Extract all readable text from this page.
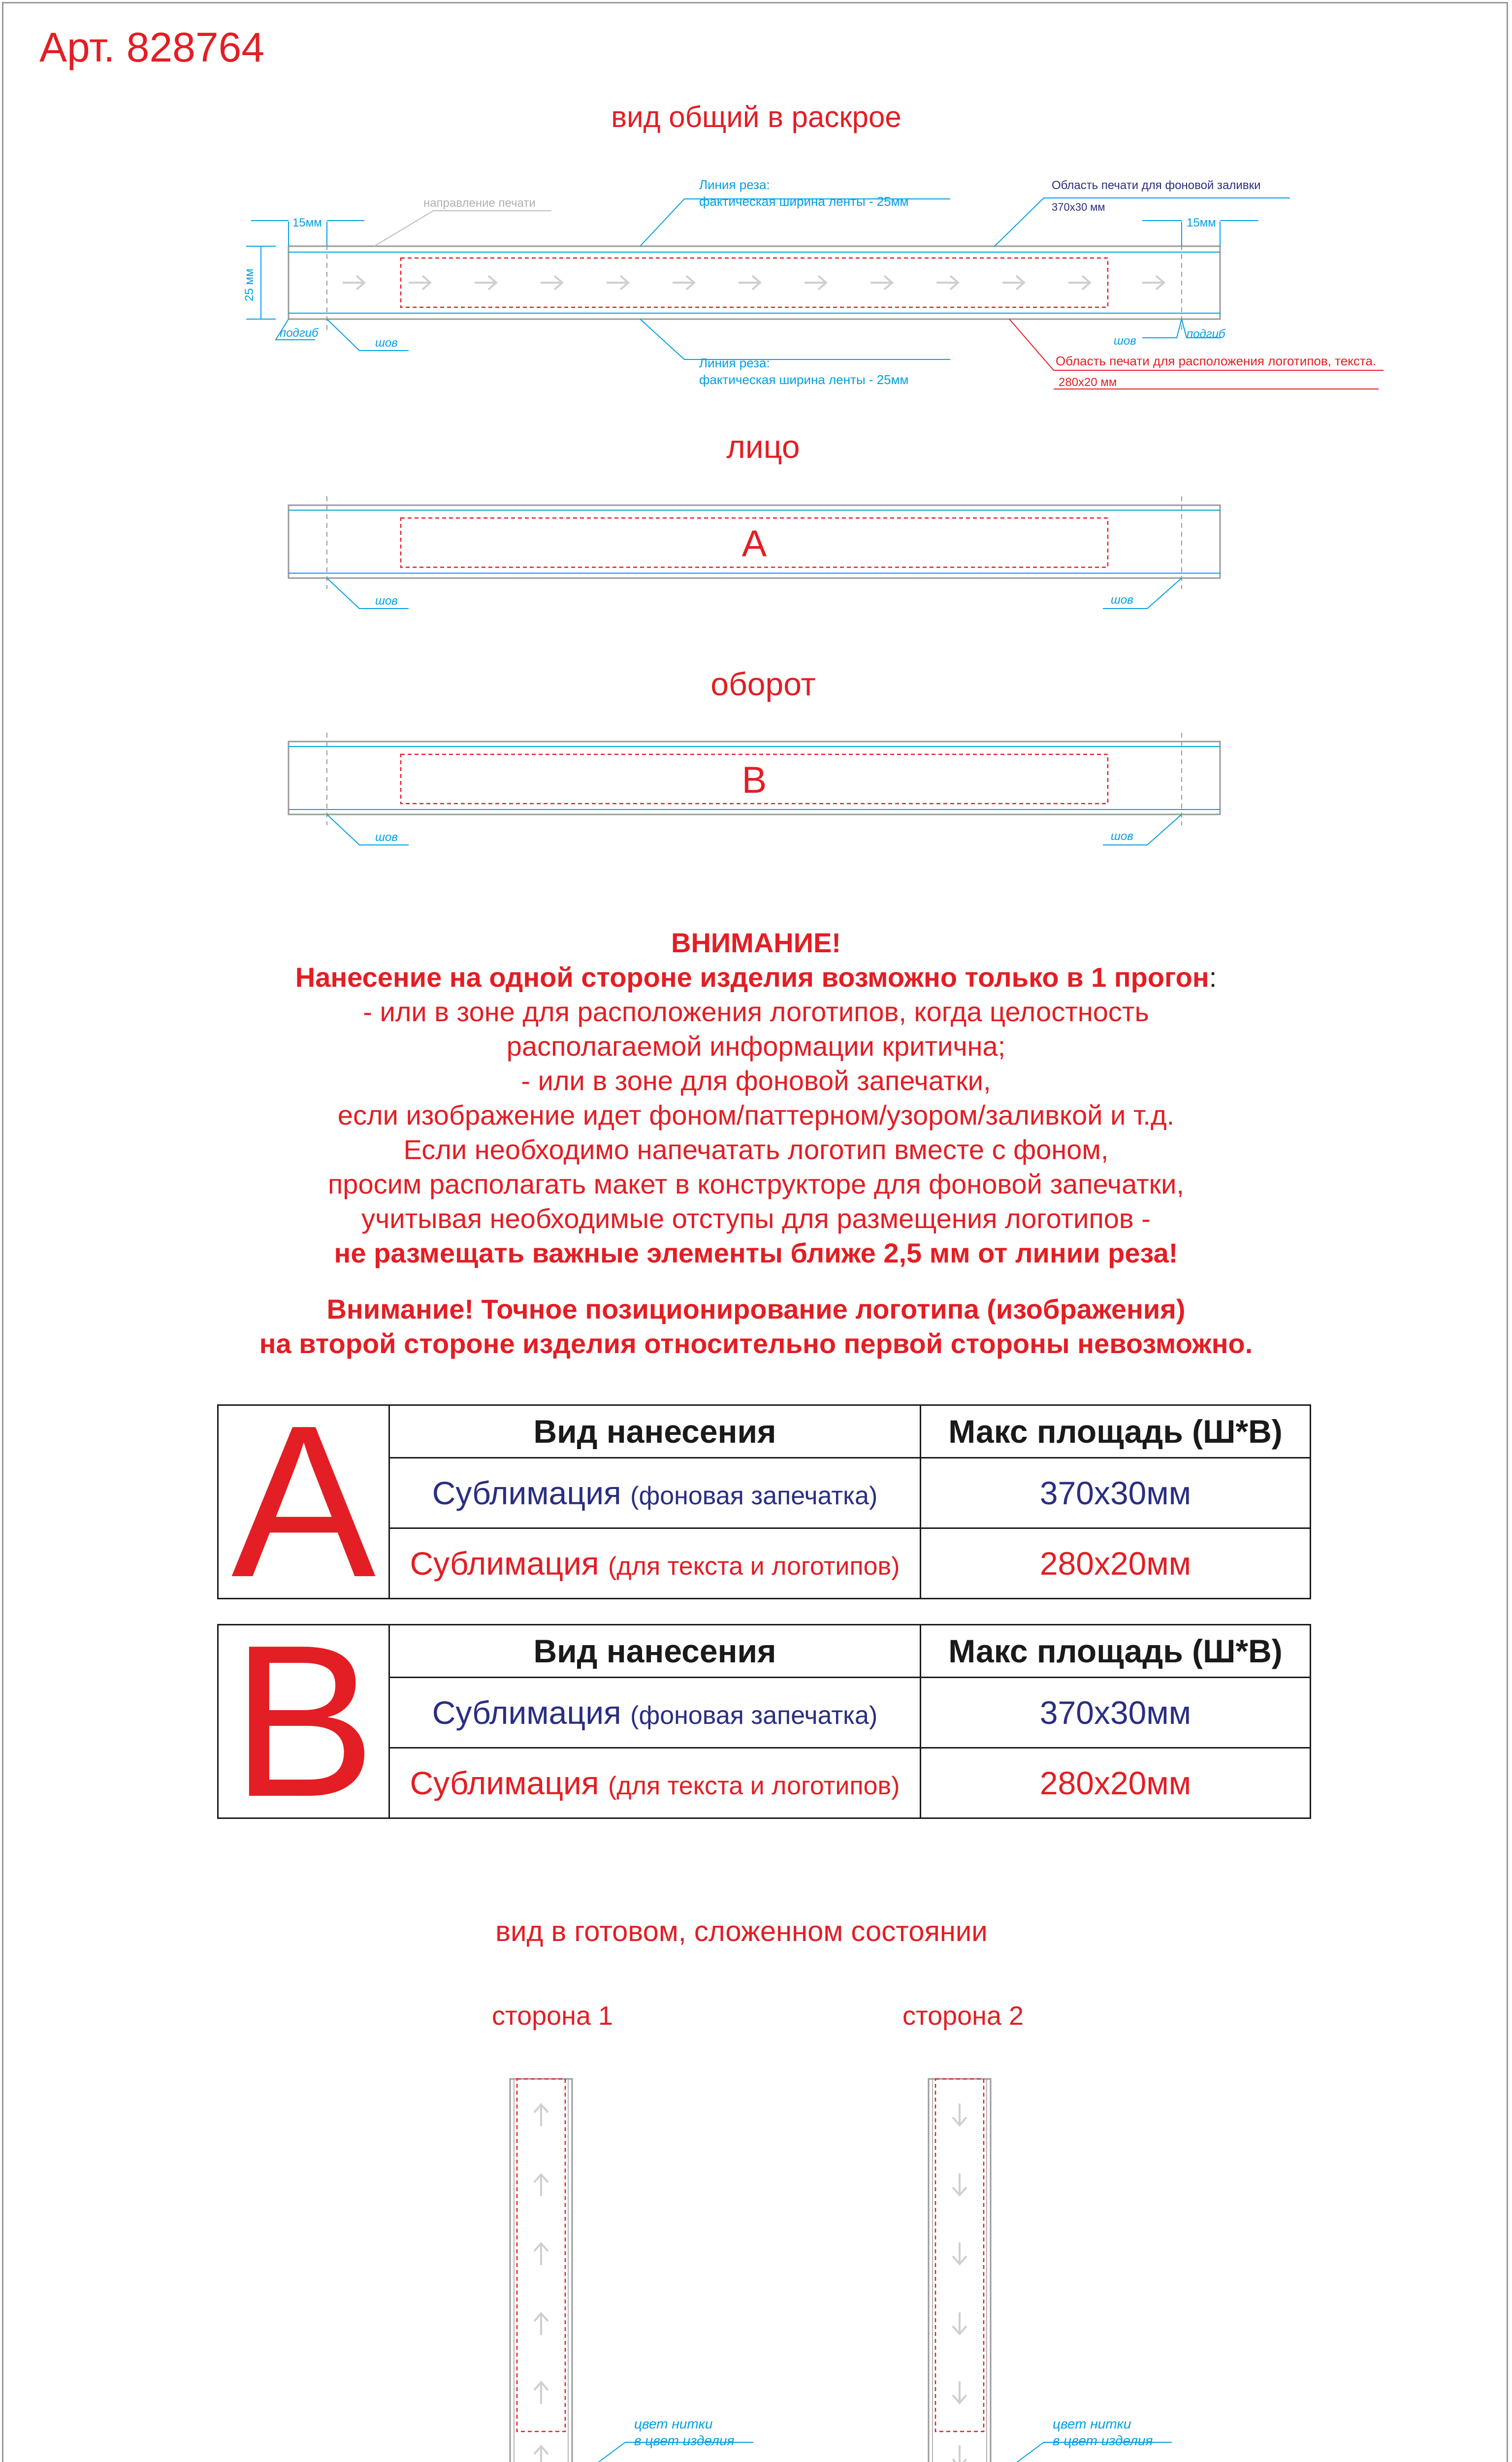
Арт. 828764
вид общий в раскрое
15мм	15мм
25 мм
направление печати
Линия реза:
фактическая ширина ленты - 25мм
Линия реза:
фактическая ширина ленты - 25мм
Область печати для фоновой заливки
370x30 мм
Область печати для расположения логотипов, текста.
280x20 мм
подгиб
шов	шов
подгиб
лицо
A
шов	шов
оборот
B
шов	шов
вид в готовом, сложенном состоянии
сторона 1	сторона 2
цвет нитки
в цвет изделия
цвет нитки
в цвет изделия
ВНИМАНИЕ!
Нанесение на одной стороне изделия возможно только в 1 прогон:
- или в зоне для расположения логотипов, когда целостность
располагаемой информации критична;
- или в зоне для фоновой запечатки,
если изображение идет фоном/паттерном/узором/заливкой и т.д.
Если необходимо напечатать логотип вместе с фоном,
просим располагать макет в конструкторе для фоновой запечатки,
учитывая необходимые отступы для размещения логотипов -
не размещать важные элементы ближе 2,5 мм от линии реза!
Внимание! Точное позиционирование логотипа (изображения)
на второй стороне изделия относительно первой стороны невозможно.
A	Вид нанесения	Макс площадь (Ш*В)
	Сублимация (фоновая запечатка)	370x30мм
	Сублимация (для текста и логотипов)	280x20мм
B	Вид нанесения	Макс площадь (Ш*В)
	Сублимация (фоновая запечатка)	370x30мм
	Сублимация (для текста и логотипов)	280x20мм
